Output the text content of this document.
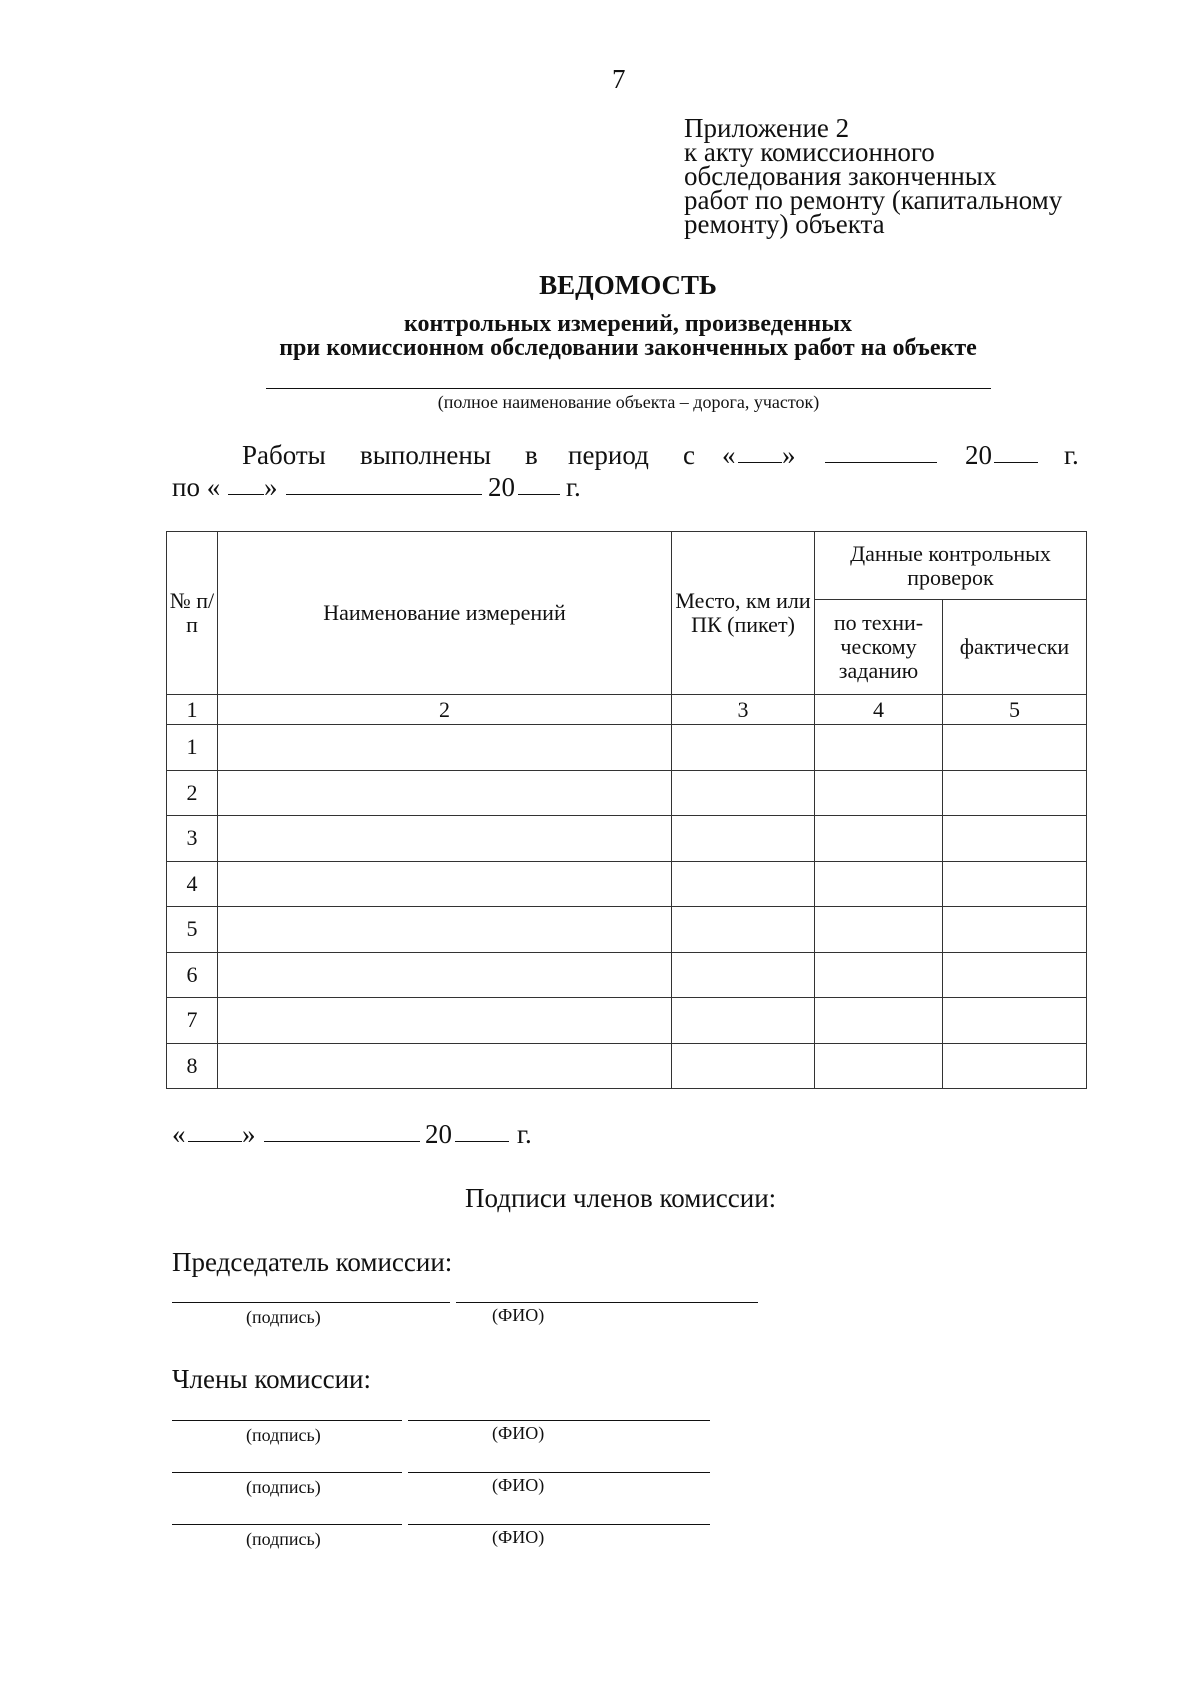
7
Приложение 2
к акту комиссионного
обследования законченных
работ по ремонту (капитальному
ремонту) объекта
ВЕДОМОСТЬ
контрольных измерений, произведенных
при комиссионном обследовании законченных работ на объекте
(полное наименование объекта – дорога, участок)
Работы выполнены в период с « »	20	г.
по « »	20 г.
№ п/п	Наименование измерений	Место, км или ПК (пикет)	Данные контрольных проверок	
			по техни-ческому заданию	фактически
1	2	3	4	5
1				
2				
3				
4				
5				
6				
7				
8				
« »	20 г.
Подписи членов комиссии:
Председатель комиссии:
(подпись)	(ФИО)
Члены комиссии:
(подпись)	(ФИО)
(подпись)	(ФИО)
(подпись)	(ФИО)
